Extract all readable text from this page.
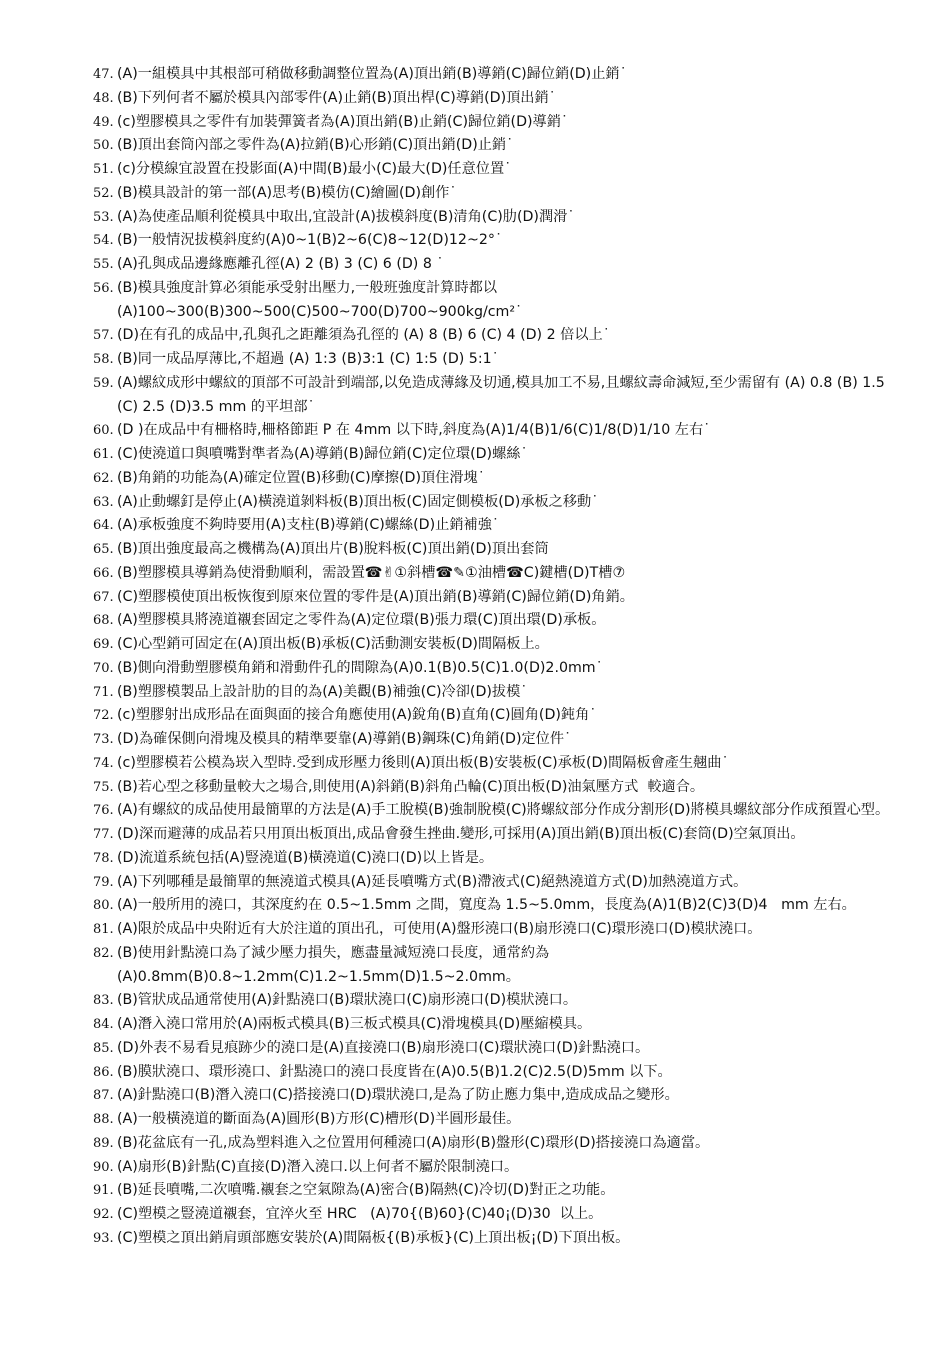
47. (A)一組模具中其根部可稍做移動調整位置為(A)頂出銷(B)導銷(C)歸位銷(D)止銷˙
48. (B)下列何者不屬於模具內部零件(A)止銷(B)頂出桿(C)導銷(D)頂出銷˙
49. (c)塑膠模具之零件有加裝彈簧者為(A)頂出銷(B)止銷(C)歸位銷(D)導銷˙
50. (B)頂出套筒內部之零件為(A)拉銷(B)心形銷(C)頂出銷(D)止銷˙
51. (c)分模線宜設置在投影面(A)中間(B)最小(C)最大(D)任意位置˙
52. (B)模具設計的第一部(A)思考(B)模仿(C)繪圖(D)創作˙
53. (A)為使產品順利從模具中取出,宜設計(A)拔模斜度(B)清角(C)肋(D)潤滑˙
54. (B)一般情況拔模斜度約(A)0~1(B)2~6(C)8~12(D)12~2°˙
55. (A)孔與成品邊緣應離孔徑(A) 2 (B) 3 (C) 6 (D) 8 ˙
56. (B)模具強度計算必須能承受射出壓力,一般班強度計算時都以
(A)100~300(B)300~500(C)500~700(D)700~900kg/cm²˙
57. (D)在有孔的成品中,孔與孔之距離須為孔徑的 (A) 8 (B) 6 (C) 4 (D) 2 倍以上˙
58. (B)同一成品厚薄比,不超過 (A) 1:3 (B)3:1 (C) 1:5 (D) 5:1˙
59. (A)螺紋成形中螺紋的頂部不可設計到端部,以免造成薄緣及切通,模具加工不易,且螺紋壽命減短,至少需留有 (A) 0.8 (B) 1.5 (C) 2.5 (D)3.5 mm 的平坦部˙
60. (D )在成品中有柵格時,柵格節距 P 在 4mm 以下時,斜度為(A)1/4(B)1/6(C)1/8(D)1/10 左右˙
61. (C)使澆道口與噴嘴對準者為(A)導銷(B)歸位銷(C)定位環(D)螺絲˙
62. (B)角銷的功能為(A)確定位置(B)移動(C)摩擦(D)頂住滑塊˙
63. (A)止動螺釘是停止(A)橫澆道剝料板(B)頂出板(C)固定側模板(D)承板之移動˙
64. (A)承板強度不夠時要用(A)支柱(B)導銷(C)螺絲(D)止銷補強˙
65. (B)頂出強度最高之機構為(A)頂出片(B)脫料板(C)頂出銷(D)頂出套筒
66. (B)塑膠模具導銷為使滑動順利，需設置☎✌①斜槽☎✎①油槽☎C)鍵槽(D)T槽⑦
67. (C)塑膠模使頂出板恢復到原來位置的零件是(A)頂出銷(B)導銷(C)歸位銷(D)角銷。
68. (A)塑膠模具將澆道襯套固定之零件為(A)定位環(B)張力環(C)頂出環(D)承板。
69. (C)心型銷可固定在(A)頂出板(B)承板(C)活動測安裝板(D)間隔板上。
70. (B)側向滑動塑膠模角銷和滑動件孔的間隙為(A)0.1(B)0.5(C)1.0(D)2.0mm˙
71. (B)塑膠模製品上設計肋的目的為(A)美觀(B)補強(C)冷卻(D)拔模˙
72. (c)塑膠射出成形品在面與面的接合角應使用(A)銳角(B)直角(C)圓角(D)鈍角˙
73. (D)為確保側向滑塊及模具的精準要靠(A)導銷(B)鋼珠(C)角銷(D)定位件˙
74. (c)塑膠模若公模為崁入型時.受到成形壓力後則(A)頂出板(B)安裝板(C)承板(D)間隔板會產生翹曲˙
75. (B)若心型之移動量較大之場合,則使用(A)斜銷(B)斜角凸輪(C)頂出板(D)油氣壓方式  較適合。
76. (A)有螺紋的成品使用最簡單的方法是(A)手工脫模(B)強制脫模(C)將螺紋部分作成分割形(D)將模具螺紋部分作成預置心型。
77. (D)深而避薄的成品若只用頂出板頂出,成品會發生挫曲.變形,可採用(A)頂出銷(B)頂出板(C)套筒(D)空氣頂出。
78. (D)流道系統包括(A)豎澆道(B)橫澆道(C)澆口(D)以上皆是。
79. (A)下列哪種是最簡單的無澆道式模具(A)延長噴嘴方式(B)滯液式(C)絕熱澆道方式(D)加熱澆道方式。
80. (A)一般所用的澆口，其深度約在 0.5~1.5mm 之間，寬度為 1.5~5.0mm，長度為(A)1(B)2(C)3(D)4   mm 左右。
81. (A)限於成品中央附近有大於注道的頂出孔，可使用(A)盤形澆口(B)扇形澆口(C)環形澆口(D)模狀澆口。
82. (B)使用針點澆口為了減少壓力損失，應盡量減短澆口長度，通常約為
(A)0.8mm(B)0.8~1.2mm(C)1.2~1.5mm(D)1.5~2.0mm。
83. (B)管狀成品通常使用(A)針點澆口(B)環狀澆口(C)扇形澆口(D)模狀澆口。
84. (A)潛入澆口常用於(A)兩板式模具(B)三板式模具(C)滑塊模具(D)壓縮模具。
85. (D)外表不易看見痕跡少的澆口是(A)直接澆口(B)扇形澆口(C)環狀澆口(D)針點澆口。
86. (B)膜狀澆口、環形澆口、針點澆口的澆口長度皆在(A)0.5(B)1.2(C)2.5(D)5mm 以下。
87. (A)針點澆口(B)潛入澆口(C)搭接澆口(D)環狀澆口,是為了防止應力集中,造成成品之變形。
88. (A)一般橫澆道的斷面為(A)圓形(B)方形(C)槽形(D)半圓形最佳。
89. (B)花盆底有一孔,成為塑料進入之位置用何種澆口(A)扇形(B)盤形(C)環形(D)搭接澆口為適當。
90. (A)扇形(B)針點(C)直接(D)潛入澆口.以上何者不屬於限制澆口。
91. (B)延長噴嘴,二次噴嘴.襯套之空氣隙為(A)密合(B)隔熱(C)冷切(D)對正之功能。
92. (C)塑模之豎澆道襯套，宜淬火至 HRC   (A)70{(B)60}(C)40¡(D)30  以上。
93. (C)塑模之頂出銷肩頭部應安裝於(A)間隔板{(B)承板}(C)上頂出板¡(D)下頂出板。
